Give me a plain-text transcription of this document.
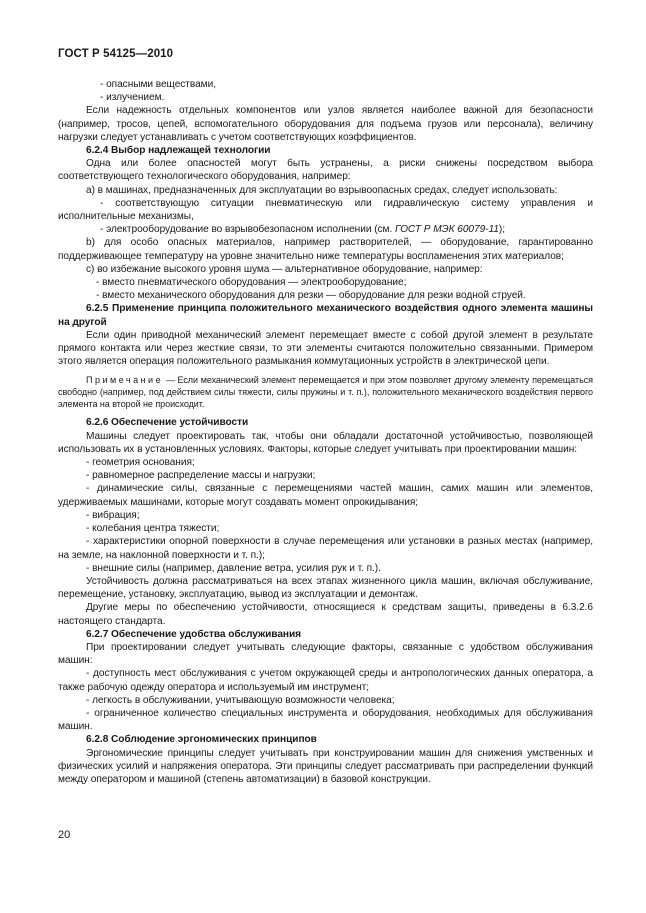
ГОСТ Р 54125—2010

- опасными веществами,

- излучением.

Если надежность отдельных компонентов или узлов является наиболее важной для безопасности (например, тросов, цепей, вспомогательного оборудования для подъема грузов или персонала), величину нагрузки следует устанавливать с учетом соответствующих коэффициентов.

6.2.4 Выбор надлежащей технологии

Одна или более опасностей могут быть устранены, а риски снижены посредством выбора соответствующего технологического оборудования, например:

а) в машинах, предназначенных для эксплуатации во взрывоопасных средах, следует использовать:

- соответствующую ситуации пневматическую или гидравлическую систему управления и исполнительные механизмы,

- электрооборудование во взрывобезопасном исполнении (см. ГОСТ Р МЭК 60079-11);

b) для особо опасных материалов, например растворителей, — оборудование, гарантированно поддерживающее температуру на уровне значительно ниже температуры воспламенения этих материалов;

с) во избежание высокого уровня шума — альтернативное оборудование, например:

- вместо пневматического оборудования — электрооборудование;

- вместо механического оборудования для резки — оборудование для резки водной струей.

6.2.5 Применение принципа положительного механического воздействия одного элемента машины на другой

Если один приводной механический элемент перемещает вместе с собой другой элемент в результате прямого контакта или через жесткие связи, то эти элементы считаются положительно связанными. Примером этого является операция положительного размыкания коммутационных устройств в электрической цепи.

Примечание — Если механический элемент перемещается и при этом позволяет другому элементу перемещаться свободно (например, под действием силы тяжести, силы пружины и т. п.), положительного механического воздействия первого элемента на второй не происходит.

6.2.6 Обеспечение устойчивости

Машины следует проектировать так, чтобы они обладали достаточной устойчивостью, позволяющей использовать их в установленных условиях. Факторы, которые следует учитывать при проектировании машин:

- геометрия основания;

- равномерное распределение массы и нагрузки;

- динамические силы, связанные с перемещениями частей машин, самих машин или элементов, удерживаемых машинами, которые могут создавать момент опрокидывания;

- вибрация;

- колебания центра тяжести;

- характеристики опорной поверхности в случае перемещения или установки в разных местах (например, на земле, на наклонной поверхности и т. п.);

- внешние силы (например, давление ветра, усилия рук и т. п.).

Устойчивость должна рассматриваться на всех этапах жизненного цикла машин, включая обслуживание, перемещение, установку, эксплуатацию, вывод из эксплуатации и демонтаж.

Другие меры по обеспечению устойчивости, относящиеся к средствам защиты, приведены в 6.3.2.6 настоящего стандарта.

6.2.7 Обеспечение удобства обслуживания

При проектировании следует учитывать следующие факторы, связанные с удобством обслуживания машин:

- доступность мест обслуживания с учетом окружающей среды и антропологических данных оператора, а также рабочую одежду оператора и используемый им инструмент;

- легкость в обслуживании, учитывающую возможности человека;

- ограниченное количество специальных инструмента и оборудования, необходимых для обслуживания машин.

6.2.8 Соблюдение эргономических принципов

Эргономические принципы следует учитывать при конструировании машин для снижения умственных и физических усилий и напряжения оператора. Эти принципы следует рассматривать при распределении функций между оператором и машиной (степень автоматизации) в базовой конструкции.

20
